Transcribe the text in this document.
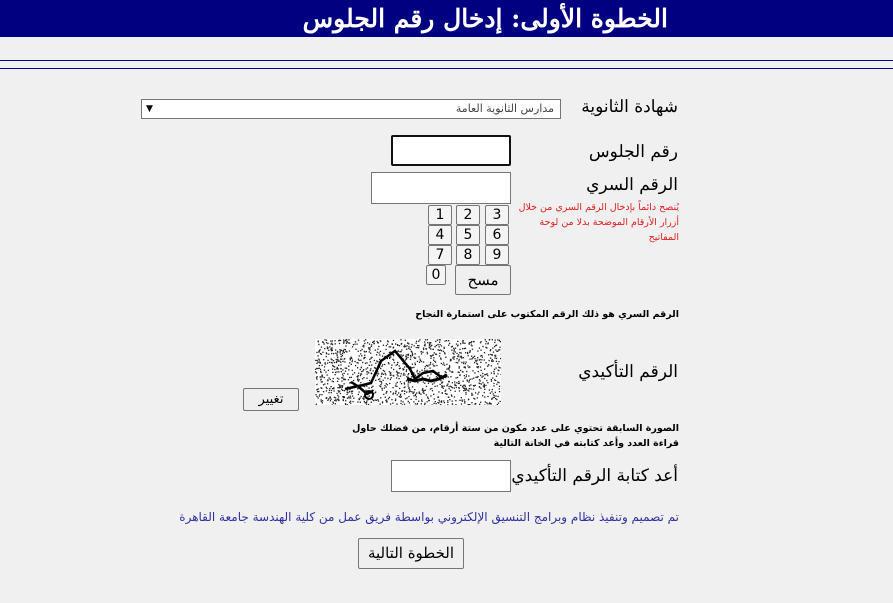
الخطوة الأولى: إدخال رقم الجلوس
شهادة الثانوية
مدارس الثانوية العامة
▼
رقم الجلوس
الرقم السري
يُنصح دائماً بإدخال الرقم السري من خلال أزرار الأرقام الموضحة بدلا من لوحة المفاتيح
3
2
1
6
5
4
9
8
7
0	مسح
الرقم السري هو ذلك الرقم المكتوب على استمارة النجاح
الرقم التأكيدي
تغيير
الصورة السابقة تحتوي على عدد مكون من ستة أرقام، من فضلك حاول قراءة العدد وأعد كتابته في الخانة التالية
أعد كتابة الرقم التأكيدي
تم تصميم وتنفيذ نظام وبرامج التنسيق الإلكتروني بواسطة فريق عمل من كلية الهندسة جامعة القاهرة
الخطوة التالية
